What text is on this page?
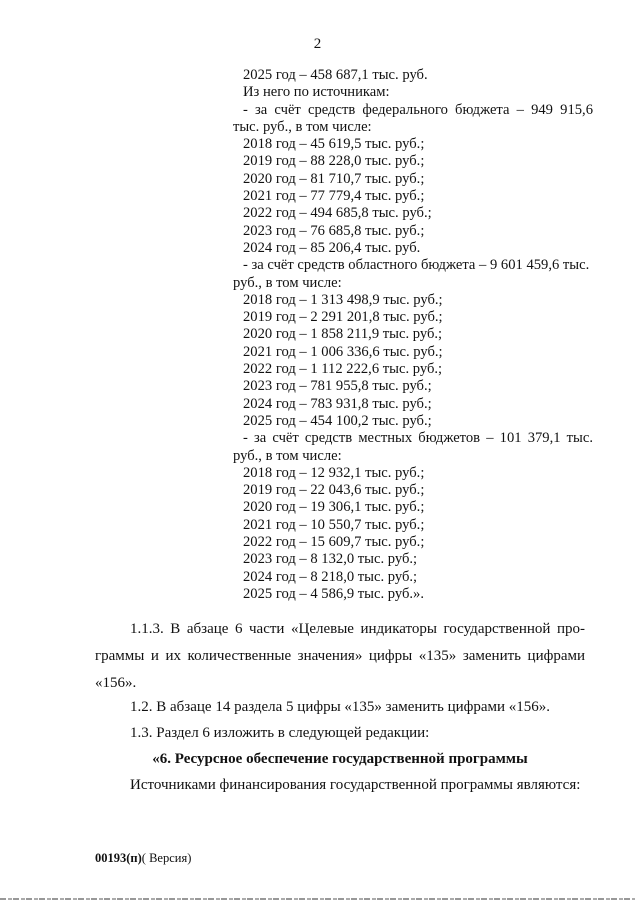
2
2025 год – 458 687,1 тыс. руб.
Из него по источникам:
- за счёт средств федерального бюджета – 949 915,6
тыс. руб., в том числе:
2018 год – 45 619,5 тыс. руб.;
2019 год – 88 228,0 тыс. руб.;
2020 год – 81 710,7 тыс. руб.;
2021 год – 77 779,4 тыс. руб.;
2022 год – 494 685,8 тыс. руб.;
2023 год – 76 685,8 тыс. руб.;
2024 год – 85 206,4 тыс. руб.
- за счёт средств областного бюджета – 9 601 459,6 тыс.
руб., в том числе:
2018 год – 1 313 498,9 тыс. руб.;
2019 год – 2 291 201,8 тыс. руб.;
2020 год – 1 858 211,9 тыс. руб.;
2021 год – 1 006 336,6 тыс. руб.;
2022 год – 1 112 222,6 тыс. руб.;
2023 год – 781 955,8 тыс. руб.;
2024 год – 783 931,8 тыс. руб.;
2025 год – 454 100,2 тыс. руб.;
- за счёт средств местных бюджетов – 101 379,1 тыс.
руб., в том числе:
2018 год – 12 932,1 тыс. руб.;
2019 год – 22 043,6 тыс. руб.;
2020 год – 19 306,1 тыс. руб.;
2021 год – 10 550,7 тыс. руб.;
2022 год – 15 609,7 тыс. руб.;
2023 год – 8 132,0 тыс. руб.;
2024 год – 8 218,0 тыс. руб.;
2025 год – 4 586,9 тыс. руб.».
1.1.3. В абзаце 6 части «Целевые индикаторы государственной про-
граммы и их количественные значения» цифры «135» заменить цифрами
«156».
1.2. В абзаце 14 раздела 5 цифры «135» заменить цифрами «156».
1.3. Раздел 6 изложить в следующей редакции:
«6. Ресурсное обеспечение государственной программы
Источниками финансирования государственной программы являются:
00193(п)( Версия)
